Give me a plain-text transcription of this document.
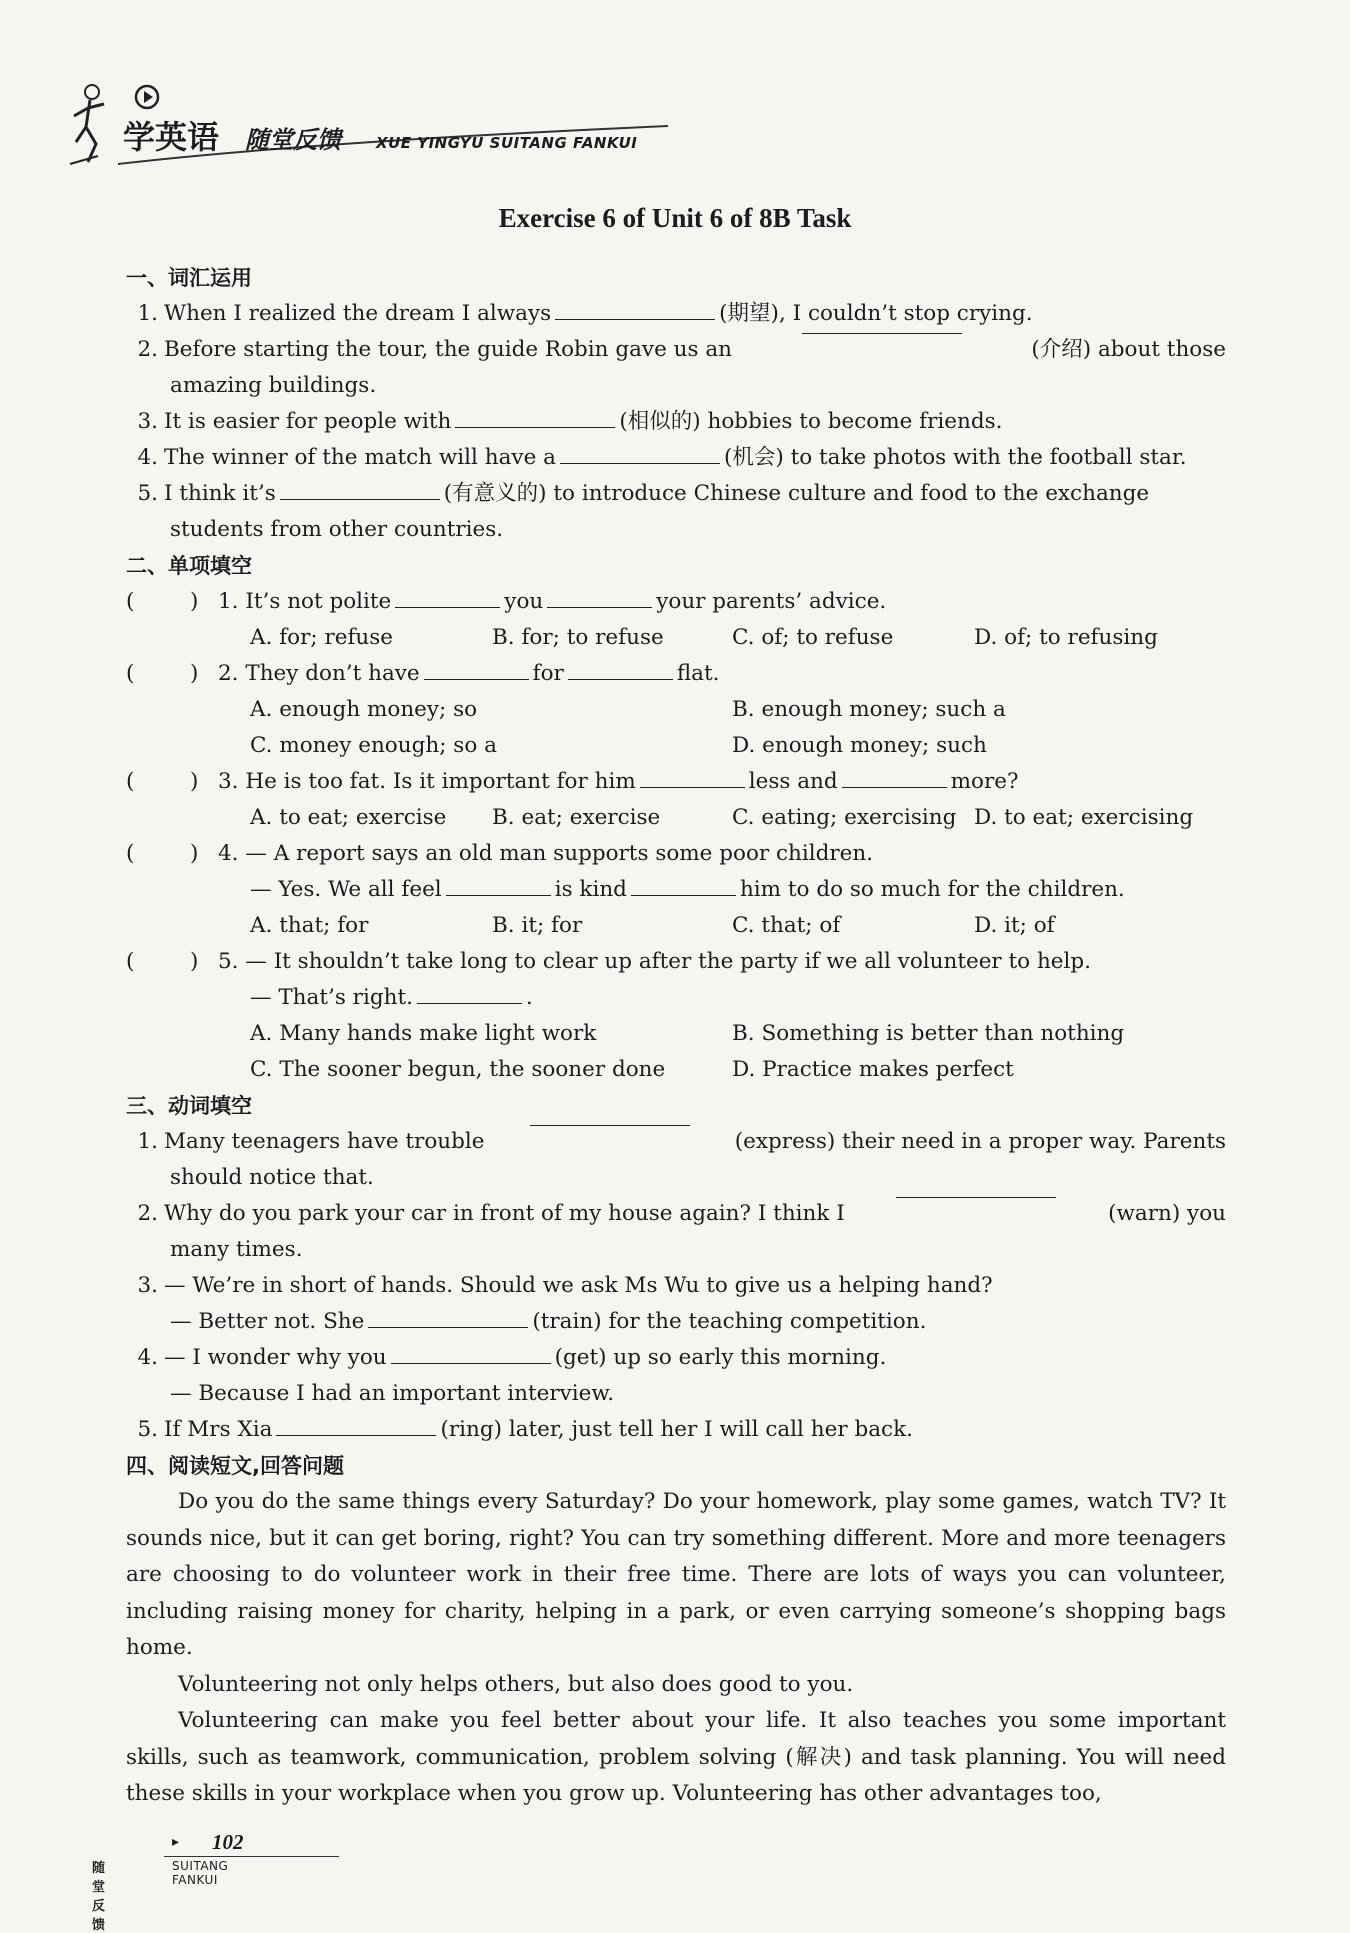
学英语 随堂反馈 XUE YINGYU SUITANG FANKUI
Exercise 6 of Unit 6 of 8B Task
一、词汇运用
1. When I realized the dream I always	(期望), I couldn’t stop crying.
2. Before starting the tour, the guide Robin gave us an	(介绍) about those
amazing buildings.
3. It is easier for people with	(相似的) hobbies to become friends.
4. The winner of the match will have a	(机会) to take photos with the football star.
5. I think it’s	(有意义的) to introduce Chinese culture and food to the exchange
students from other countries.
二、单项填空
(	) 1. It’s not polite	you	your parents’ advice.
A. for; refuse	B. for; to refuse	C. of; to refuse	D. of; to refusing
(	) 2. They don’t have	for	flat.
A. enough money; so	B. enough money; such a
C. money enough; so a	D. enough money; such
(	) 3. He is too fat. Is it important for him	less and	more?
A. to eat; exercise B. eat; exercise	C. eating; exercising D. to eat; exercising
(	) 4. — A report says an old man supports some poor children.
— Yes. We all feel	is kind	him to do so much for the children.
A. that; for	B. it; for	C. that; of	D. it; of
(	) 5. — It shouldn’t take long to clear up after the party if we all volunteer to help.
— That’s right.	.
A. Many hands make light work	B. Something is better than nothing
C. The sooner begun, the sooner done	D. Practice makes perfect
三、动词填空
1. Many teenagers have trouble	(express) their need in a proper way. Parents
should notice that.
2. Why do you park your car in front of my house again? I think I	(warn) you
many times.
3. — We’re in short of hands. Should we ask Ms Wu to give us a helping hand?
— Better not. She	(train) for the teaching competition.
4. — I wonder why you	(get) up so early this morning.
— Because I had an important interview.
5. If Mrs Xia	(ring) later, just tell her I will call her back.
四、阅读短文,回答问题
Do you do the same things every Saturday? Do your homework, play some games, watch TV? It sounds nice, but it can get boring, right? You can try something different. More and more teenagers are choosing to do volunteer work in their free time. There are lots of ways you can volunteer, including raising money for charity, helping in a park, or even carrying someone’s shopping bags home.
Volunteering not only helps others, but also does good to you.
Volunteering can make you feel better about your life. It also teaches you some important skills, such as teamwork, communication, problem solving (解决) and task planning. You will need these skills in your workplace when you grow up. Volunteering has other advantages too,
▸ 102
随堂反馈
SUITANG FANKUI
